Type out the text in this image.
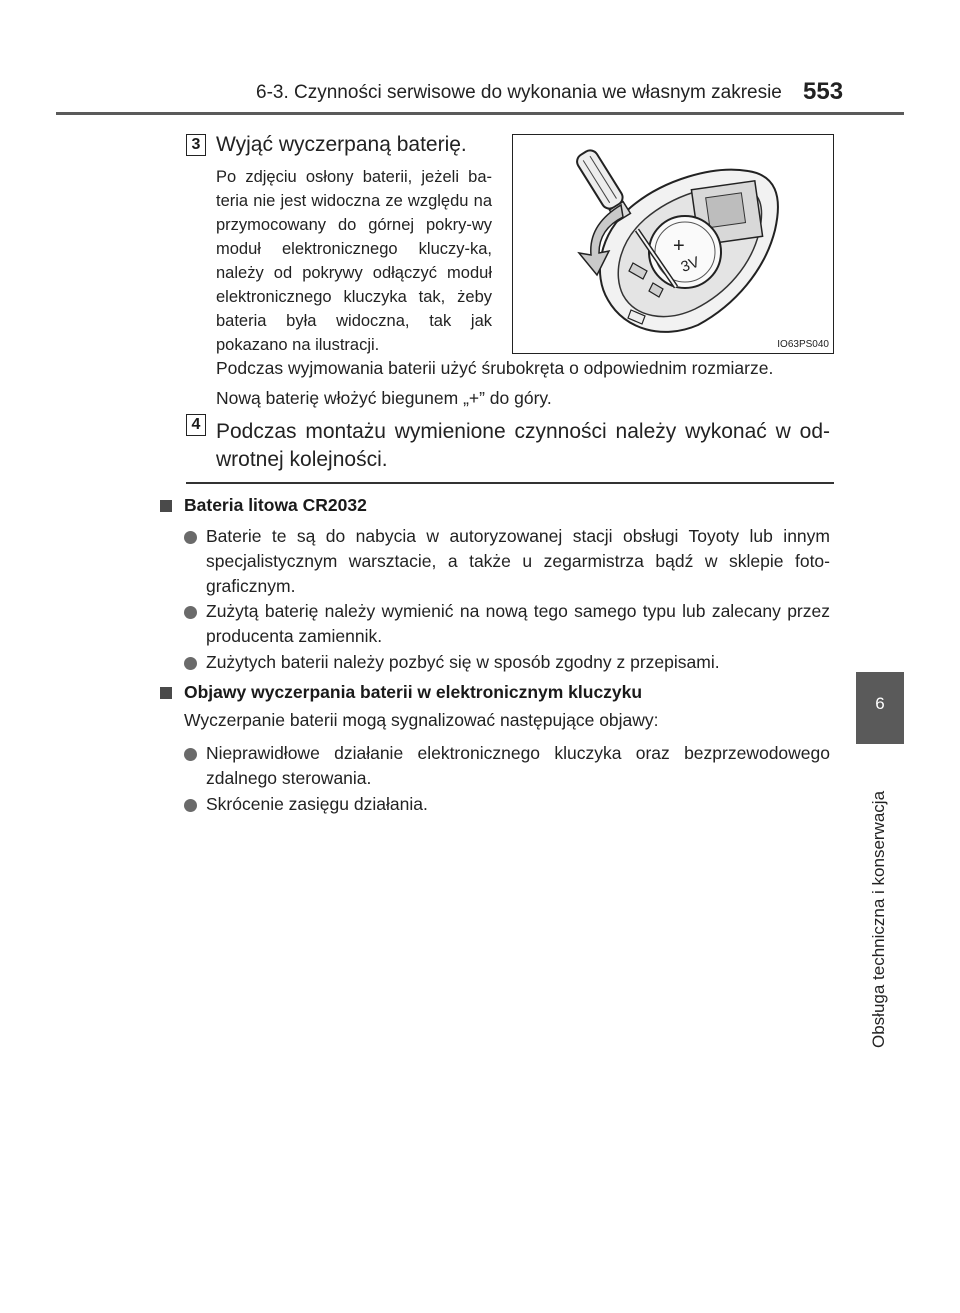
6-3. Czynności serwisowe do wykonania we własnym zakresie 553
6
Obsługa techniczna i konserwacja
3 Wyjąć wyczerpaną baterię.
Po zdjęciu osłony baterii, jeżeli ba-teria nie jest widoczna ze względu na przymocowany do górnej pokry-wy moduł elektronicznego kluczy-ka, należy od pokrywy odłączyć moduł elektronicznego kluczyka tak, żeby bateria była widoczna, tak jak pokazano na ilustracji.
+
3V
IO63PS040
Podczas wyjmowania baterii użyć śrubokręta o odpowiednim rozmiarze.
Nową baterię włożyć biegunem „+” do góry.
4 Podczas montażu wymienione czynności należy wykonać w od-wrotnej kolejności.
Bateria litowa CR2032
Baterie te są do nabycia w autoryzowanej stacji obsługi Toyoty lub innym specjalistycznym warsztacie, a także u zegarmistrza bądź w sklepie foto-graficznym.
Zużytą baterię należy wymienić na nową tego samego typu lub zalecany przez producenta zamiennik.
Zużytych baterii należy pozbyć się w sposób zgodny z przepisami.
Objawy wyczerpania baterii w elektronicznym kluczyku
Wyczerpanie baterii mogą sygnalizować następujące objawy:
Nieprawidłowe działanie elektronicznego kluczyka oraz bezprzewodowego zdalnego sterowania.
Skrócenie zasięgu działania.
